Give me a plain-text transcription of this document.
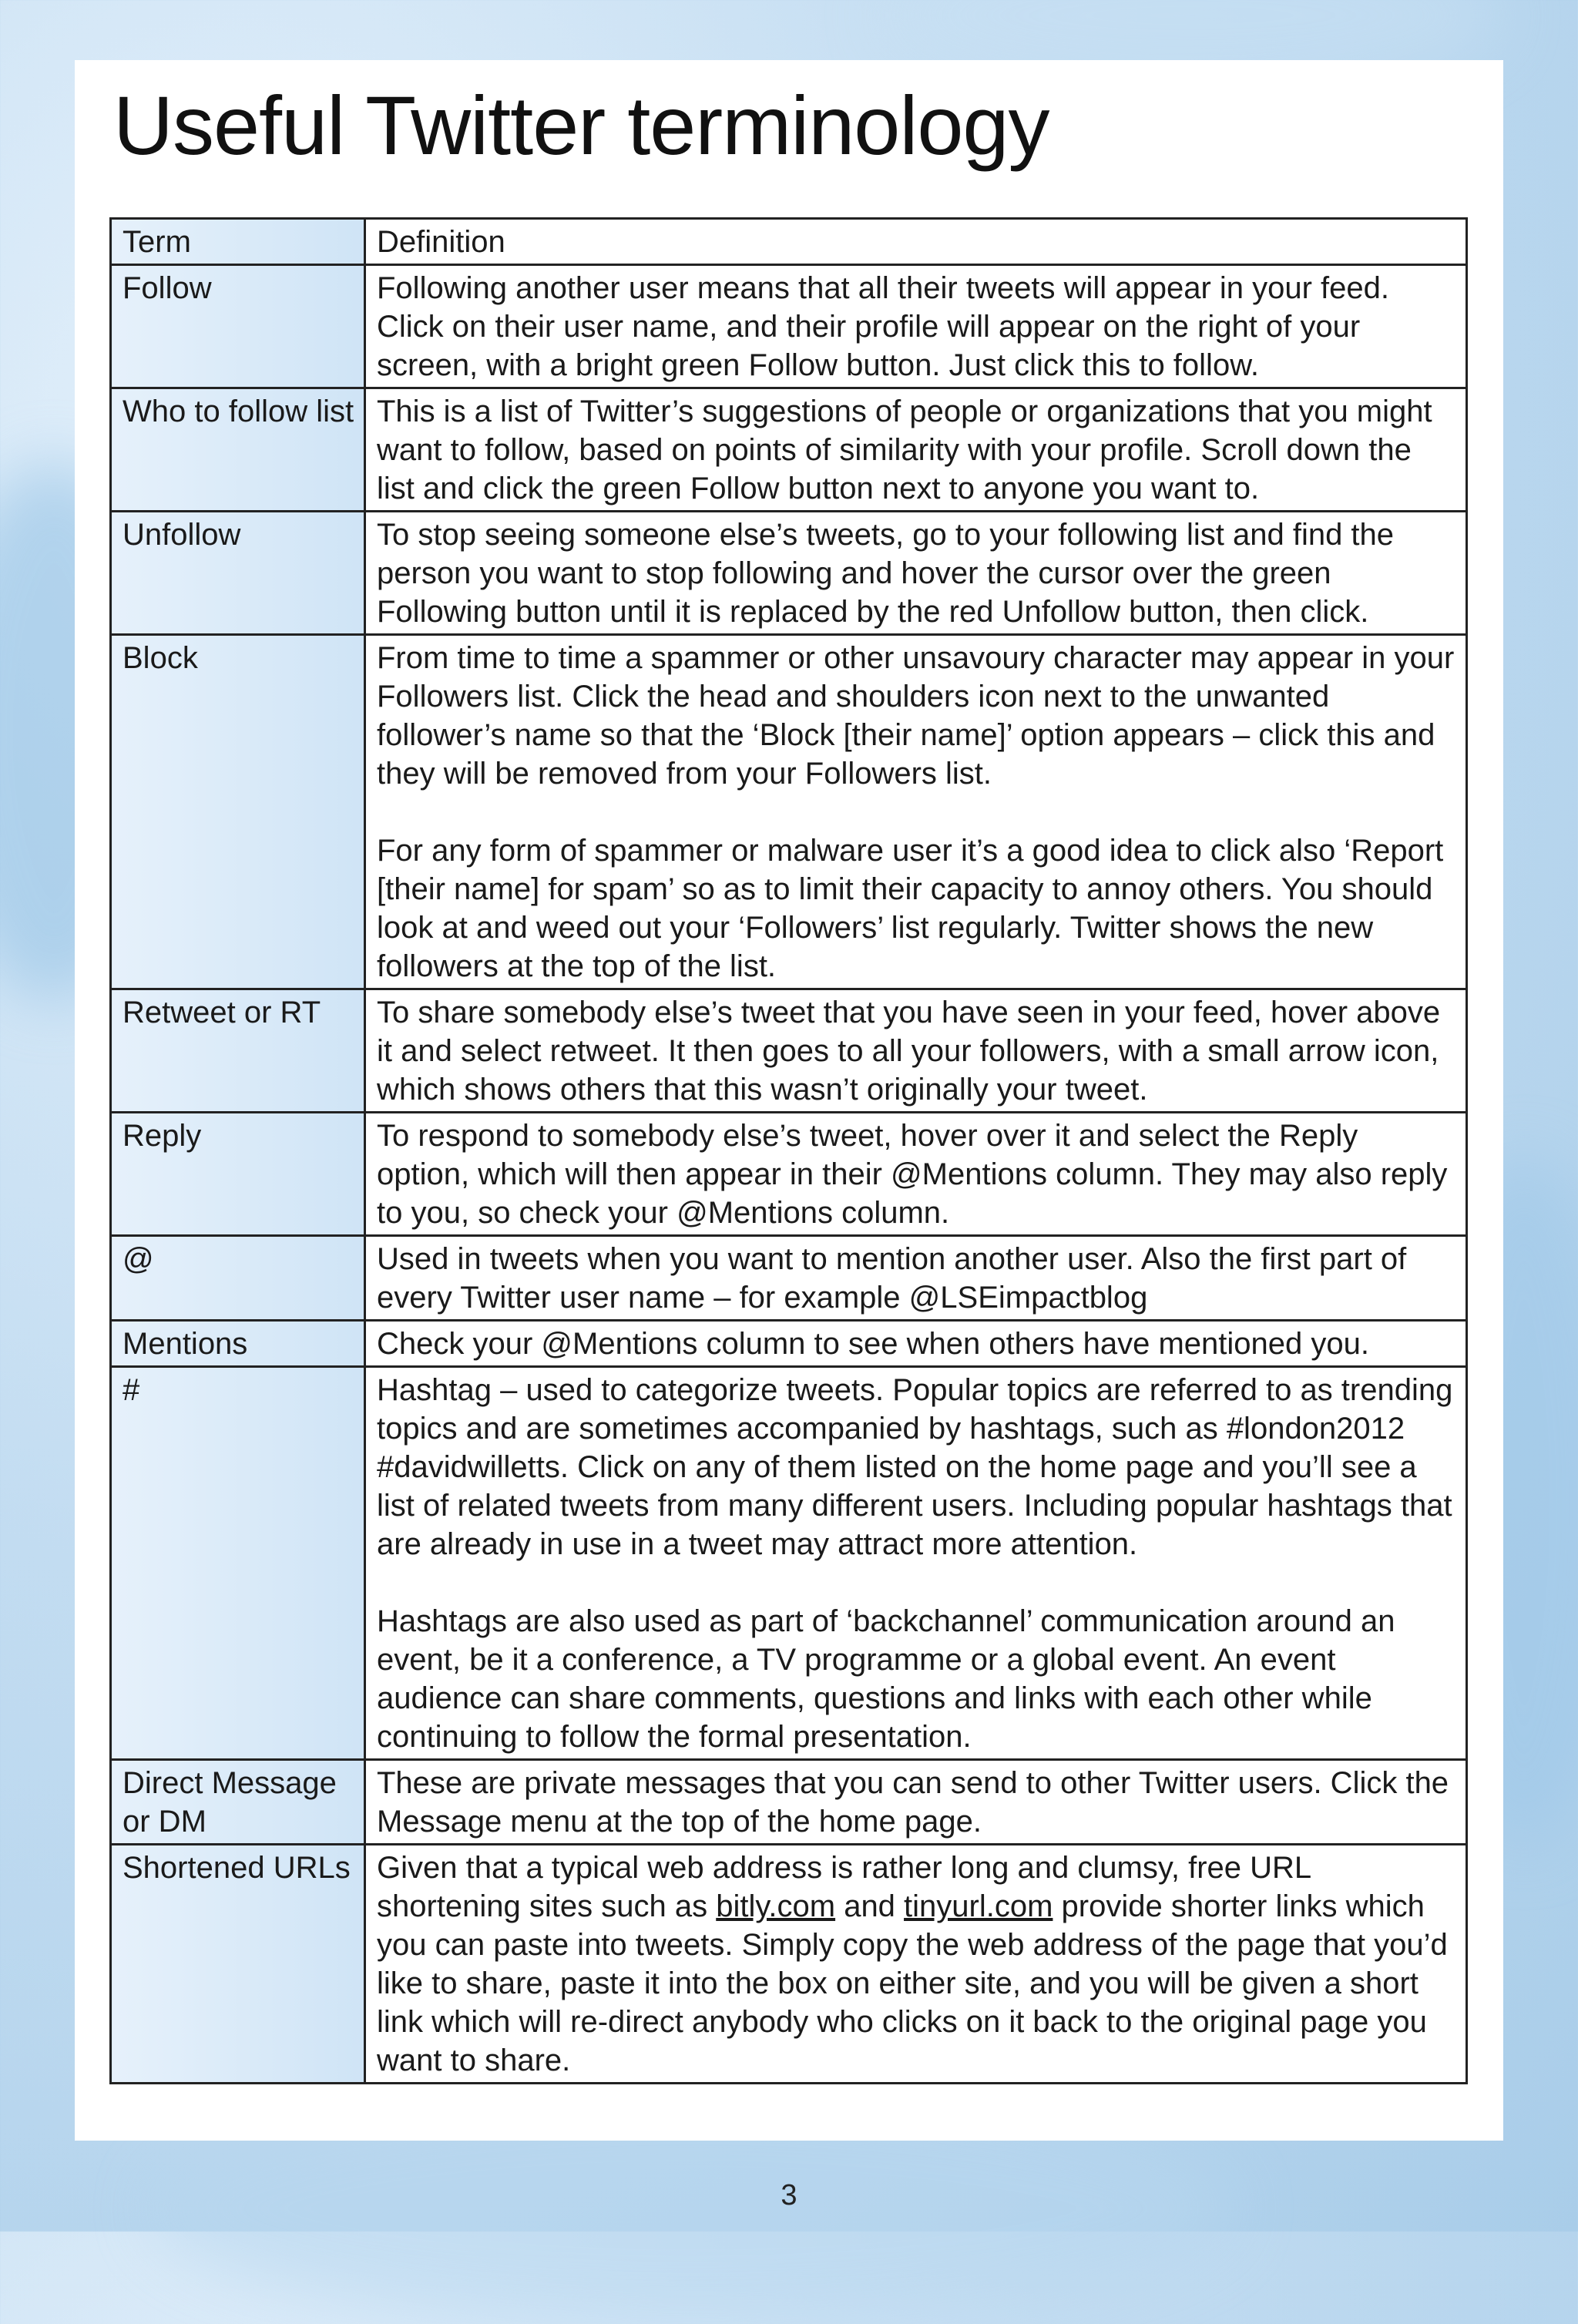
Useful Twitter terminology
Term	Definition
Follow	Following another user means that all their tweets will appear in your feed. Click on their user name, and their profile will appear on the right of your screen, with a bright green Follow button. Just click this to follow.

Who to follow list	This is a list of Twitter’s suggestions of people or organizations that you might want to follow, based on points of similarity with your profile. Scroll down the list and click the green Follow button next to anyone you want to.

Unfollow	To stop seeing someone else’s tweets, go to your following list and find the person you want to stop following and hover the cursor over the green Following button until it is replaced by the red Unfollow button, then click.

Block	From time to time a spammer or other unsavoury character may appear in your Followers list. Click the head and shoulders icon next to the unwanted follower’s name so that the ‘Block [their name]’ option appears – click this and they will be removed from your Followers list.

For any form of spammer or malware user it’s a good idea to click also ‘Report [their name] for spam’ so as to limit their capacity to annoy others. You should look at and weed out your ‘Followers’ list regularly. Twitter shows the new followers at the top of the list.

Retweet or RT	To share somebody else’s tweet that you have seen in your feed, hover above it and select retweet. It then goes to all your followers, with a small arrow icon, which shows others that this wasn’t originally your tweet.

Reply	To respond to somebody else’s tweet, hover over it and select the Reply option, which will then appear in their @Mentions column. They may also reply to you, so check your @Mentions column.

@	Used in tweets when you want to mention another user. Also the first part of every Twitter user name – for example @LSEimpactblog

Mentions	Check your @Mentions column to see when others have mentioned you.

#	Hashtag – used to categorize tweets. Popular topics are referred to as trending topics and are sometimes accompanied by hashtags, such as #london2012 #davidwilletts. Click on any of them listed on the home page and you’ll see a list of related tweets from many different users. Including popular hashtags that are already in use in a tweet may attract more attention.

Hashtags are also used as part of ‘backchannel’ communication around an event, be it a conference, a TV programme or a global event. An event audience can share comments, questions and links with each other while continuing to follow the formal presentation.

Direct Message or DM	These are private messages that you can send to other Twitter users. Click the Message menu at the top of the home page.

Shortened URLs	Given that a typical web address is rather long and clumsy, free URL shortening sites such as bitly.com and tinyurl.com provide shorter links which you can paste into tweets. Simply copy the web address of the page that you’d like to share, paste it into the box on either site, and you will be given a short link which will re-direct anybody who clicks on it back to the original page you want to share.

3
